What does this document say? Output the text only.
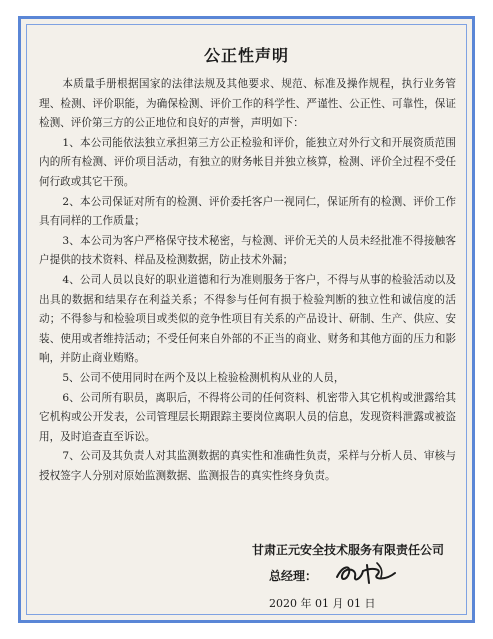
公正性声明

本质量手册根据国家的法律法规及其他要求、规范、标准及操作规程，执行业务管理、检测、评价职能，为确保检测、评价工作的科学性、严谨性、公正性、可靠性，保证检测、评价第三方的公正地位和良好的声誉，声明如下：

1、本公司能依法独立承担第三方公正检验和评价，能独立对外行文和开展资质范围内的所有检测、评价项目活动，有独立的财务帐目并独立核算，检测、评价全过程不受任何行政或其它干预。

2、本公司保证对所有的检测、评价委托客户一视同仁，保证所有的检测、评价工作具有同样的工作质量；

3、本公司为客户严格保守技术秘密，与检测、评价无关的人员未经批准不得接触客户提供的技术资料、样品及检测数据，防止技术外漏；

4、公司人员以良好的职业道德和行为准则服务于客户，不得与从事的检验活动以及出具的数据和结果存在利益关系；不得参与任何有损于检验判断的独立性和诚信度的活动；不得参与和检验项目或类似的竞争性项目有关系的产品设计、研制、生产、供应、安装、使用或者维持活动；不受任何来自外部的不正当的商业、财务和其他方面的压力和影响，并防止商业贿赂。

5、公司不使用同时在两个及以上检验检测机构从业的人员，

6、公司所有职员，离职后，不得将公司的任何资料、机密带入其它机构或泄露给其它机构或公开发表，公司管理层长期跟踪主要岗位离职人员的信息，发现资料泄露或被盗用，及时追查直至诉讼。

7、公司及其负责人对其监测数据的真实性和准确性负责，采样与分析人员、审核与授权签字人分别对原始监测数据、监测报告的真实性终身负责。

甘肃正元安全技术服务有限责任公司
总经理：
2020 年 01 月 01 日
